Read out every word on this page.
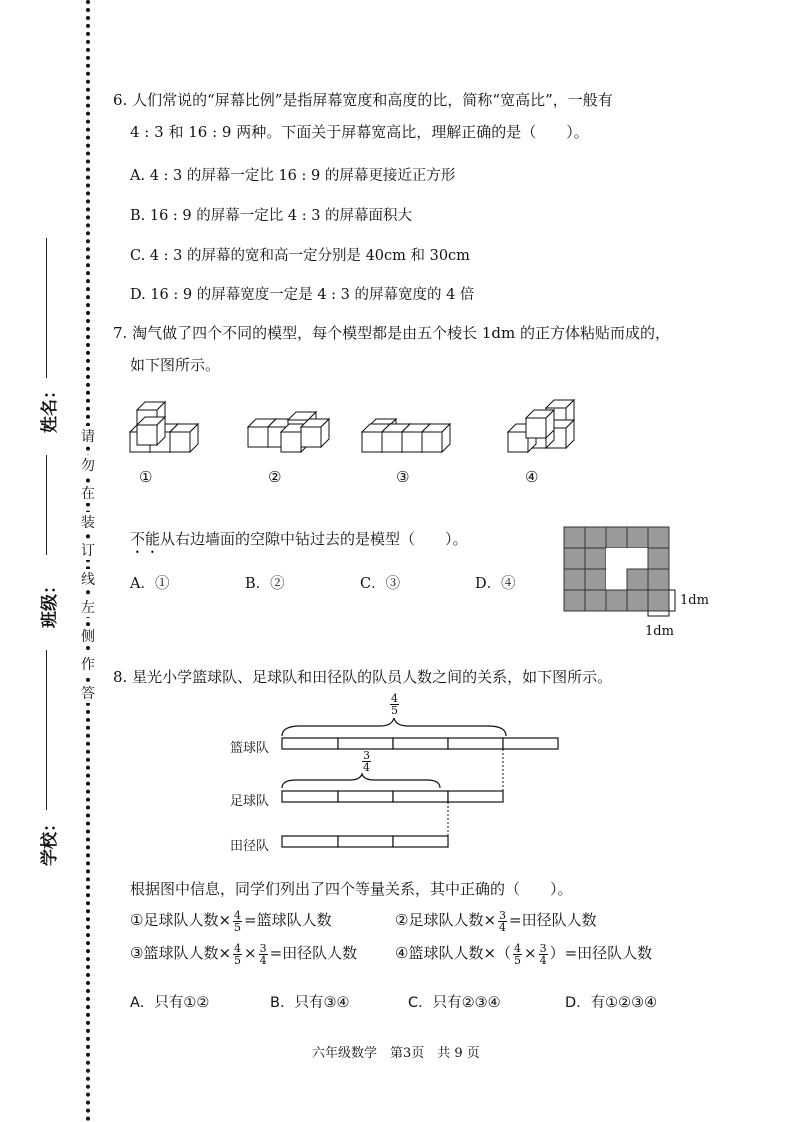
姓名：
班级：
学校：
请
勿
在
装
订
线
左
侧
作
答
6. 人们常说的“屏幕比例”是指屏幕宽度和高度的比，简称“宽高比”，一般有
4 : 3 和 16 : 9 两种。下面关于屏幕宽高比，理解正确的是（　　）。
A. 4 : 3 的屏幕一定比 16 : 9 的屏幕更接近正方形
B. 16 : 9 的屏幕一定比 4 : 3 的屏幕面积大
C. 4 : 3 的屏幕的宽和高一定分别是 40cm 和 30cm
D. 16 : 9 的屏幕宽度一定是 4 : 3 的屏幕宽度的 4 倍
7. 淘气做了四个不同的模型，每个模型都是由五个棱长 1dm 的正方体粘贴而成的，
如下图所示。
①	②	③	④
不能从右边墙面的空隙中钻过去的是模型（　　）。
A．①	B．②	C．③	D．④
1dm
1dm
8. 星光小学篮球队、足球队和田径队的队员人数之间的关系，如下图所示。
$\frac{4}{5}$
$\frac{3}{4}$
篮球队
足球队
田径队
根据图中信息，同学们列出了四个等量关系，其中正确的（　　）。
①足球队人数× $\frac{4}{5}$ =篮球队人数	②足球队人数× $\frac{3}{4}$ =田径队人数
③篮球队人数× $\frac{4}{5} \times \frac{3}{4}$ =田径队人数	④篮球队人数×（ $\frac{4}{5} \times \frac{3}{4}$ ）=田径队人数
A．只有①②	B．只有③④	C．只有②③④	D．有①②③④
六年级数学　第3页　共 9 页
